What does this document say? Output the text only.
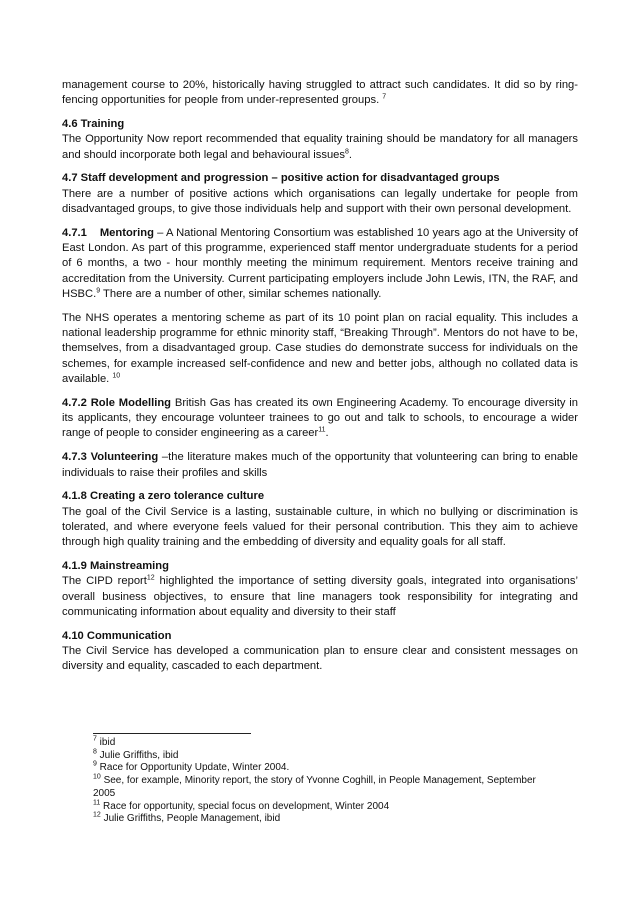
management course to 20%, historically having struggled to attract such candidates. It did so by ring-fencing opportunities for people from under-represented groups. $^7$

4.6 Training
The Opportunity Now report recommended that equality training should be mandatory for all managers and should incorporate both legal and behavioural issues$^8$.

4.7 Staff development and progression – positive action for disadvantaged groups
There are a number of positive actions which organisations can legally undertake for people from disadvantaged groups, to give those individuals help and support with their own personal development.

4.7.1 Mentoring – A National Mentoring Consortium was established 10 years ago at the University of East London. As part of this programme, experienced staff mentor undergraduate students for a period of 6 months, a two - hour monthly meeting the minimum requirement. Mentors receive training and accreditation from the University. Current participating employers include John Lewis, ITN, the RAF, and HSBC.$^9$ There are a number of other, similar schemes nationally.

The NHS operates a mentoring scheme as part of its 10 point plan on racial equality. This includes a national leadership programme for ethnic minority staff, “Breaking Through”. Mentors do not have to be, themselves, from a disadvantaged group. Case studies do demonstrate success for individuals on the schemes, for example increased self-confidence and new and better jobs, although no collated data is available. $^{10}$

4.7.2 Role Modelling British Gas has created its own Engineering Academy. To encourage diversity in its applicants, they encourage volunteer trainees to go out and talk to schools, to encourage a wider range of people to consider engineering as a career$^{11}$.

4.7.3 Volunteering –the literature makes much of the opportunity that volunteering can bring to enable individuals to raise their profiles and skills

4.1.8 Creating a zero tolerance culture
The goal of the Civil Service is a lasting, sustainable culture, in which no bullying or discrimination is tolerated, and where everyone feels valued for their personal contribution. This they aim to achieve through high quality training and the embedding of diversity and equality goals for all staff.

4.1.9 Mainstreaming
The CIPD report$^{12}$ highlighted the importance of setting diversity goals, integrated into organisations’ overall business objectives, to ensure that line managers took responsibility for integrating and communicating information about equality and diversity to their staff

4.10 Communication
The Civil Service has developed a communication plan to ensure clear and consistent messages on diversity and equality, cascaded to each department.

$^7$ ibid
$^8$ Julie Griffiths, ibid
$^9$ Race for Opportunity Update, Winter 2004.
$^{10}$ See, for example, Minority report, the story of Yvonne Coghill, in People Management, September 2005
$^{11}$ Race for opportunity, special focus on development, Winter 2004
$^{12}$ Julie Griffiths, People Management, ibid
